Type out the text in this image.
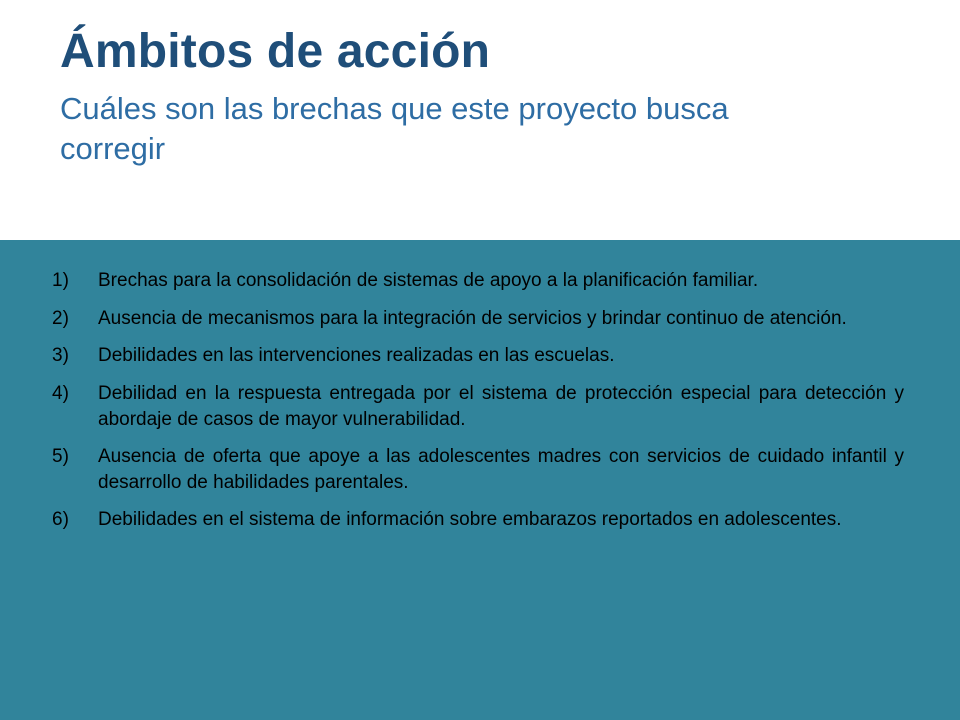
Ámbitos de acción

Cuáles son las brechas que este proyecto busca corregir

1)	Brechas para la consolidación de sistemas de apoyo a la planificación familiar.
2)	Ausencia de mecanismos para la integración de servicios y brindar continuo de atención.
3)	Debilidades en las intervenciones realizadas en las escuelas.
4)	Debilidad en la respuesta entregada por el sistema de protección especial para detección y abordaje de casos de mayor vulnerabilidad.
5)	Ausencia de oferta que apoye a las adolescentes madres con servicios de cuidado infantil y desarrollo de habilidades parentales.
6)	Debilidades en el sistema de información sobre embarazos reportados en adolescentes.
